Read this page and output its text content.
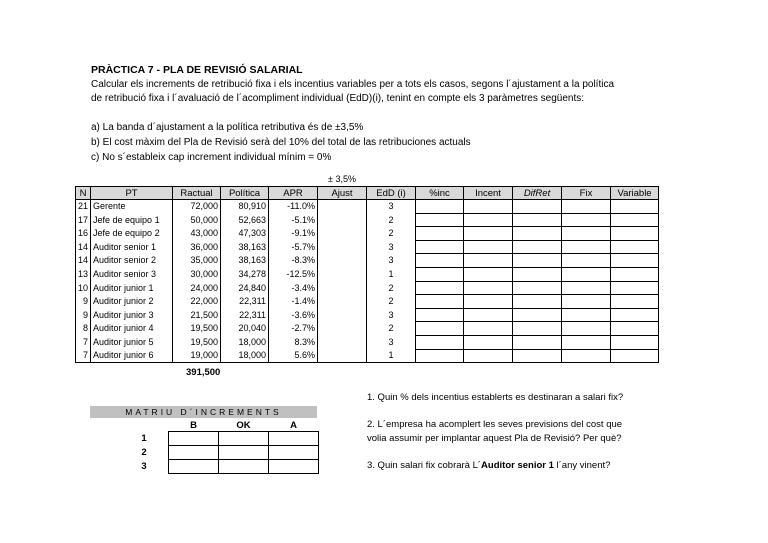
PRÀCTICA 7 - PLA DE REVISIÓ SALARIAL
Calcular els increments de retribució fixa i els incentius variables per a tots els casos, segons l´ajustament a la política
de retribució fixa i l´avaluació de l´acompliment individual (EdD)(i), tenint en compte els 3 paràmetres següents:
a) La banda d´ajustament a la política retributiva és de ±3,5%
b) El cost màxim del Pla de Revisió serà del 10% del total de las retribuciones actuals
c) No s´estableix cap increment individual mínim = 0%
± 3,5%
N	PT	Ractual	Política	APR	Ajust	EdD (i)	%inc	Incent	DifRet	Fix	Variable
21	Gerente	72,000	80,910	-11.0%		3					
17	Jefe de equipo 1	50,000	52,663	-5.1%		2					
16	Jefe de equipo 2	43,000	47,303	-9.1%		2					
14	Auditor senior 1	36,000	38,163	-5.7%		3					
14	Auditor senior 2	35,000	38,163	-8.3%		3					
13	Auditor senior 3	30,000	34,278	-12.5%		1					
10	Auditor junior 1	24,000	24,840	-3.4%		2					
9	Auditor junior 2	22,000	22,311	-1.4%		2					
9	Auditor junior 3	21,500	22,311	-3.6%		3					
8	Auditor junior 4	19,500	20,040	-2.7%		2					
7	Auditor junior 5	19,500	18,000	8.3%		3					
7	Auditor junior 6	19,000	18,000	5.6%		1					
391,500
MATRIU D´INCREMENTS
	B	OK	A
1			
2			
3			
1. Quin % dels incentius establerts es destinaran a salari fix?
2. L´empresa ha acomplert les seves previsions del cost que
volia assumir per implantar aquest Pla de Revisió? Per què?
3. Quin salari fix cobrarà L´Auditor senior 1 l´any vinent?
